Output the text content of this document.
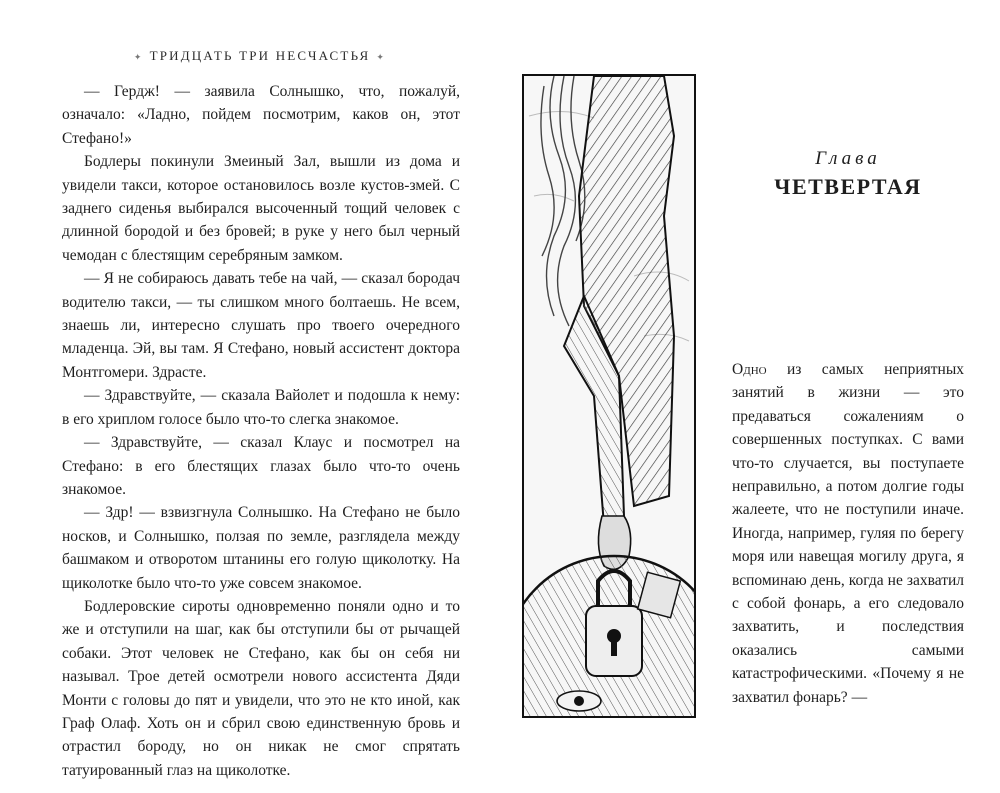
✦ ТРИДЦАТЬ ТРИ НЕСЧАСТЬЯ ✦

— Гердж! — заявила Солнышко, что, пожалуй, означало: «Ладно, пойдем посмотрим, каков он, этот Стефано!»

Бодлеры покинули Змеиный Зал, вышли из дома и увидели такси, которое остановилось возле кустов-змей. С заднего сиденья выбирался высоченный тощий человек с длинной бородой и без бровей; в руке у него был черный чемодан с блестящим серебряным замком.

— Я не собираюсь давать тебе на чай, — сказал бородач водителю такси, — ты слишком много болтаешь. Не всем, знаешь ли, интересно слушать про твоего очередного младенца. Эй, вы там. Я Стефано, новый ассистент доктора Монтгомери. Здрасте.

— Здравствуйте, — сказала Вайолет и подошла к нему: в его хриплом голосе было что-то слегка знакомое.

— Здравствуйте, — сказал Клаус и посмотрел на Стефано: в его блестящих глазах было что-то очень знакомое.

— Здр! — взвизгнула Солнышко. На Стефано не было носков, и Солнышко, ползая по земле, разглядела между башмаком и отворотом штанины его голую щиколотку. На щиколотке было что-то уже совсем знакомое.

Бодлеровские сироты одновременно поняли одно и то же и отступили на шаг, как бы отступили бы от рычащей собаки. Этот человек не Стефано, как бы он себя ни называл. Трое детей осмотрели нового ассистента Дяди Монти с головы до пят и увидели, что это не кто иной, как Граф Олаф. Хоть он и сбрил свою единственную бровь и отрастил бороду, но он никак не смог спрятать татуированный глаз на щиколотке.

Глава
ЧЕТВЕРТАЯ

Одно из самых неприятных занятий в жизни — это предаваться сожалениям о совершенных поступках. С вами что-то случается, вы поступаете неправильно, а потом долгие годы жалеете, что не поступили иначе. Иногда, например, гуляя по берегу моря или навещая могилу друга, я вспоминаю день, когда не захватил с собой фонарь, а его следовало захватить, и последствия оказались самыми катастрофическими. «Почему я не захватил фонарь? —
